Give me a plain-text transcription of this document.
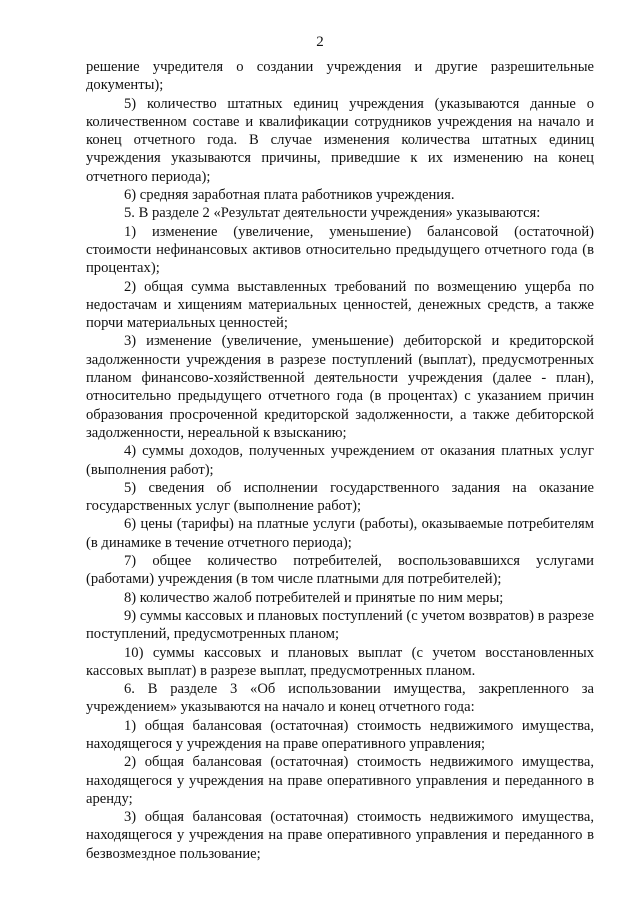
2

решение учредителя о создании учреждения и другие разрешительные документы);

5) количество штатных единиц учреждения (указываются данные о количественном составе и квалификации сотрудников учреждения на начало и конец отчетного года. В случае изменения количества штатных единиц учреждения указываются причины, приведшие к их изменению на конец отчетного периода);

6) средняя заработная плата работников учреждения.

5. В разделе 2 «Результат деятельности учреждения» указываются:

1) изменение (увеличение, уменьшение) балансовой (остаточной) стоимости нефинансовых активов относительно предыдущего отчетного года (в процентах);

2) общая сумма выставленных требований по возмещению ущерба по недостачам и хищениям материальных ценностей, денежных средств, а также порчи материальных ценностей;

3) изменение (увеличение, уменьшение) дебиторской и кредиторской задолженности учреждения в разрезе поступлений (выплат), предусмотренных планом финансово-хозяйственной деятельности учреждения (далее - план), относительно предыдущего отчетного года (в процентах) с указанием причин образования просроченной кредиторской задолженности, а также дебиторской задолженности, нереальной к взысканию;

4) суммы доходов, полученных учреждением от оказания платных услуг (выполнения работ);

5) сведения об исполнении государственного задания на оказание государственных услуг (выполнение работ);

6) цены (тарифы) на платные услуги (работы), оказываемые потребителям (в динамике в течение отчетного периода);

7) общее количество потребителей, воспользовавшихся услугами (работами) учреждения (в том числе платными для потребителей);

8) количество жалоб потребителей и принятые по ним меры;

9) суммы кассовых и плановых поступлений (с учетом возвратов) в разрезе поступлений, предусмотренных планом;

10) суммы кассовых и плановых выплат (с учетом восстановленных кассовых выплат) в разрезе выплат, предусмотренных планом.

6. В разделе 3 «Об использовании имущества, закрепленного за учреждением» указываются на начало и конец отчетного года:

1) общая балансовая (остаточная) стоимость недвижимого имущества, находящегося у учреждения на праве оперативного управления;

2) общая балансовая (остаточная) стоимость недвижимого имущества, находящегося у учреждения на праве оперативного управления и переданного в аренду;

3) общая балансовая (остаточная) стоимость недвижимого имущества, находящегося у учреждения на праве оперативного управления и переданного в безвозмездное пользование;
